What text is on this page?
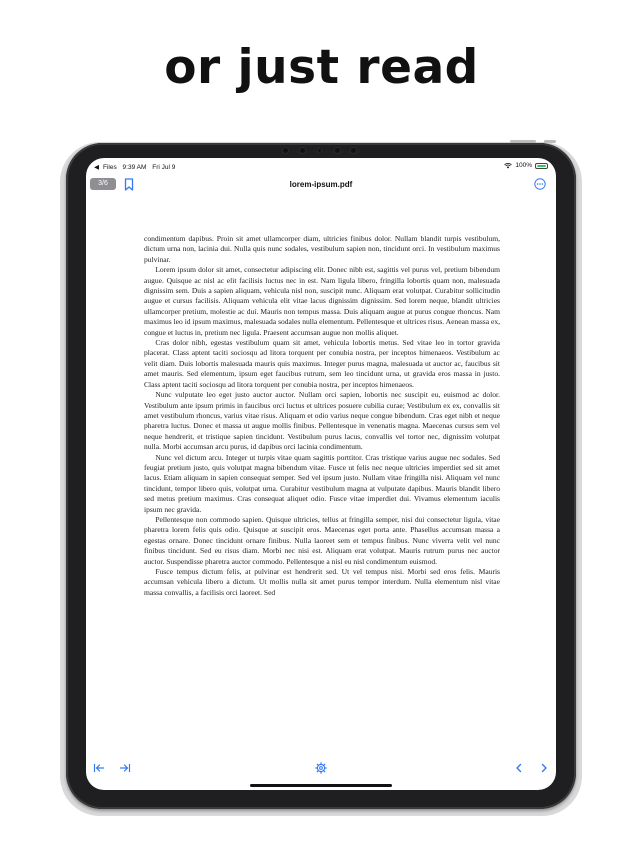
or just read
◀ Files 9:39 AM Fri Jul 9	100%
3/6	lorem-ipsum.pdf

condimentum dapibus. Proin sit amet ullamcorper diam, ultricies finibus dolor. Nullam blandit turpis vestibulum, dictum urna non, lacinia dui. Nulla quis nunc sodales, vestibulum sapien non, tincidunt orci. In vestibulum maximus pulvinar.

Lorem ipsum dolor sit amet, consectetur adipiscing elit. Donec nibh est, sagittis vel purus vel, pretium bibendum augue. Quisque ac nisl ac elit facilisis luctus nec in est. Nam ligula libero, fringilla lobortis quam non, malesuada dignissim sem. Duis a sapien aliquam, vehicula nisl non, suscipit nunc. Aliquam erat volutpat. Curabitur sollicitudin augue et cursus facilisis. Aliquam vehicula elit vitae lacus dignissim dignissim. Sed lorem neque, blandit ultricies ullamcorper pretium, molestie ac dui. Mauris non tempus massa. Duis aliquam augue at purus congue rhoncus. Nam maximus leo id ipsum maximus, malesuada sodales nulla elementum. Pellentesque et ultrices risus. Aenean massa ex, congue et luctus in, pretium nec ligula. Praesent accumsan augue non mollis aliquet.

Cras dolor nibh, egestas vestibulum quam sit amet, vehicula lobortis metus. Sed vitae leo in tortor gravida placerat. Class aptent taciti sociosqu ad litora torquent per conubia nostra, per inceptos himenaeos. Vestibulum ac velit diam. Duis lobortis malesuada mauris quis maximus. Integer purus magna, malesuada ut auctor ac, faucibus sit amet mauris. Sed elementum, ipsum eget faucibus rutrum, sem leo tincidunt urna, ut gravida eros massa in justo. Class aptent taciti sociosqu ad litora torquent per conubia nostra, per inceptos himenaeos.

Nunc vulputate leo eget justo auctor auctor. Nullam orci sapien, lobortis nec suscipit eu, euismod ac dolor. Vestibulum ante ipsum primis in faucibus orci luctus et ultrices posuere cubilia curae; Vestibulum ex ex, convallis sit amet vestibulum rhoncus, varius vitae risus. Aliquam et odio varius neque congue bibendum. Cras eget nibh et neque pharetra luctus. Donec et massa ut augue mollis finibus. Pellentesque in venenatis magna. Maecenas cursus sem vel neque hendrerit, et tristique sapien tincidunt. Vestibulum purus lacus, convallis vel tortor nec, dignissim volutpat nulla. Morbi accumsan arcu purus, id dapibus orci lacinia condimentum.

Nunc vel dictum arcu. Integer ut turpis vitae quam sagittis porttitor. Cras tristique varius augue nec sodales. Sed feugiat pretium justo, quis volutpat magna bibendum vitae. Fusce ut felis nec neque ultricies imperdiet sed sit amet lacus. Etiam aliquam in sapien consequat semper. Sed vel ipsum justo. Nullam vitae fringilla nisi. Aliquam vel nunc tincidunt, tempor libero quis, volutpat urna. Curabitur vestibulum magna at vulputate dapibus. Mauris blandit libero sed metus pretium maximus. Cras consequat aliquet odio. Fusce vitae imperdiet dui. Vivamus elementum iaculis ipsum nec gravida.

Pellentesque non commodo sapien. Quisque ultricies, tellus at fringilla semper, nisi dui consectetur ligula, vitae pharetra lorem felis quis odio. Quisque at suscipit eros. Maecenas eget porta ante. Phasellus accumsan massa a egestas ornare. Donec tincidunt ornare finibus. Nulla laoreet sem et tempus finibus. Nunc viverra velit vel nunc finibus tincidunt. Sed eu risus diam. Morbi nec nisi est. Aliquam erat volutpat. Mauris rutrum purus nec auctor auctor. Suspendisse pharetra auctor commodo. Pellentesque a nisl eu nisl condimentum euismod.

Fusce tempus dictum felis, at pulvinar est hendrerit sed. Ut vel tempus nisi. Morbi sed eros felis. Mauris accumsan vehicula libero a dictum. Ut mollis nulla sit amet purus tempor interdum. Nulla elementum nisl vitae massa convallis, a facilisis orci laoreet. Sed
